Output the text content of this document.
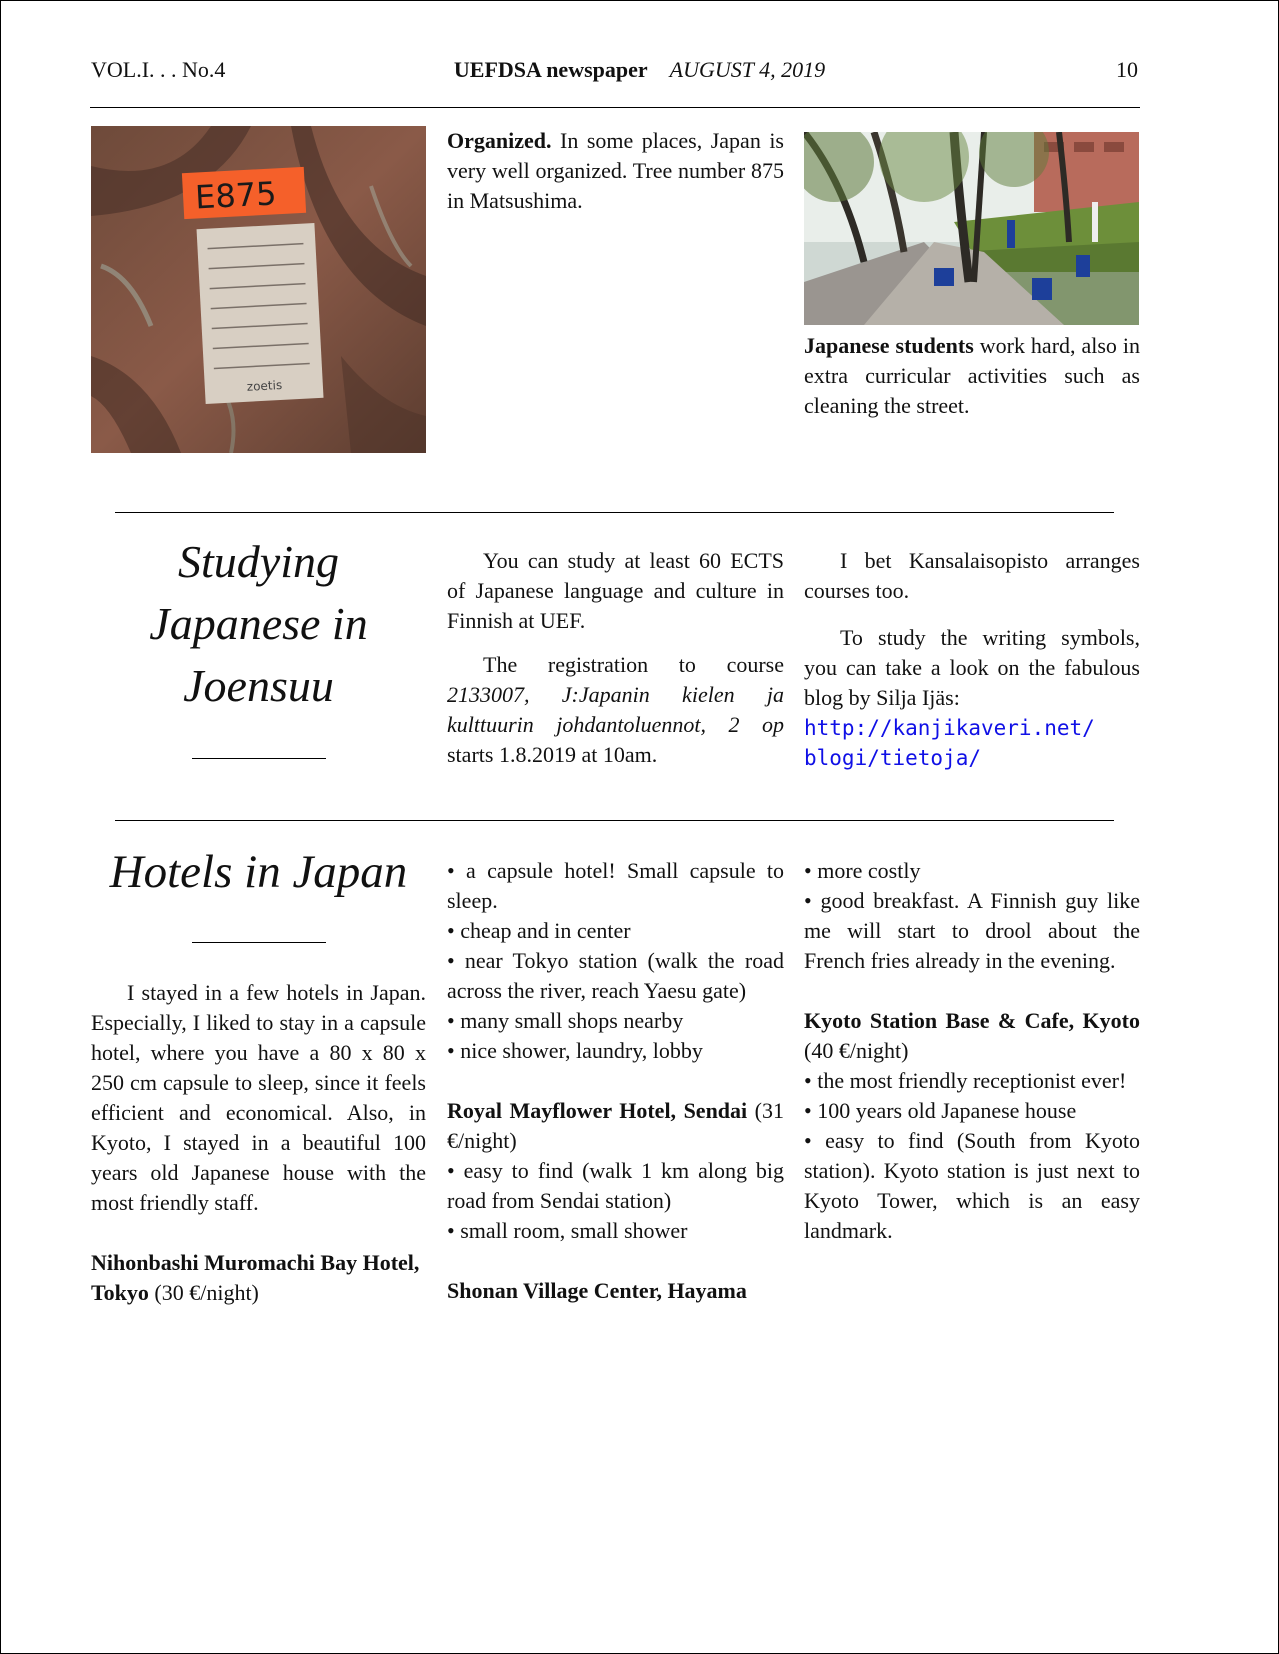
VOL.I. . . No.4	UEFDSA newspaper AUGUST 4, 2019	10
E875
zoetis
Organized. In some places, Japan is very well organized. Tree number 875 in Matsushima.
Japanese students work hard, also in extra curricular activities such as cleaning the street.
Studying
Japanese in
Joensuu

You can study at least 60 ECTS of Japanese language and culture in Finnish at UEF.

The registration to course 2133007, J:Japanin kielen ja kulttuurin johdantoluennot, 2 op starts 1.8.2019 at 10am.

I bet Kansalaisopisto arranges courses too.

To study the writing symbols, you can take a look on the fabulous blog by Silja Ijäs:

http://kanjikaveri.net/
blogi/tietoja/
Hotels in Japan

I stayed in a few hotels in Japan. Especially, I liked to stay in a capsule hotel, where you have a 80 x 80 x 250 cm capsule to sleep, since it feels efficient and economical. Also, in Kyoto, I stayed in a beautiful 100 years old Japanese house with the most friendly staff.

Nihonbashi Muromachi Bay Hotel, Tokyo (30 €/night)

• a capsule hotel! Small capsule to sleep.
• cheap and in center
• near Tokyo station (walk the road across the river, reach Yaesu gate)
• many small shops nearby
• nice shower, laundry, lobby

Royal Mayflower Hotel, Sendai (31 €/night)

• easy to find (walk 1 km along big road from Sendai station)
• small room, small shower

Shonan Village Center, Hayama

• more costly
• good breakfast. A Finnish guy like me will start to drool about the French fries already in the evening.

Kyoto Station Base & Cafe, Kyoto (40 €/night)

• the most friendly receptionist ever!
• 100 years old Japanese house
• easy to find (South from Kyoto station). Kyoto station is just next to Kyoto Tower, which is an easy landmark.
